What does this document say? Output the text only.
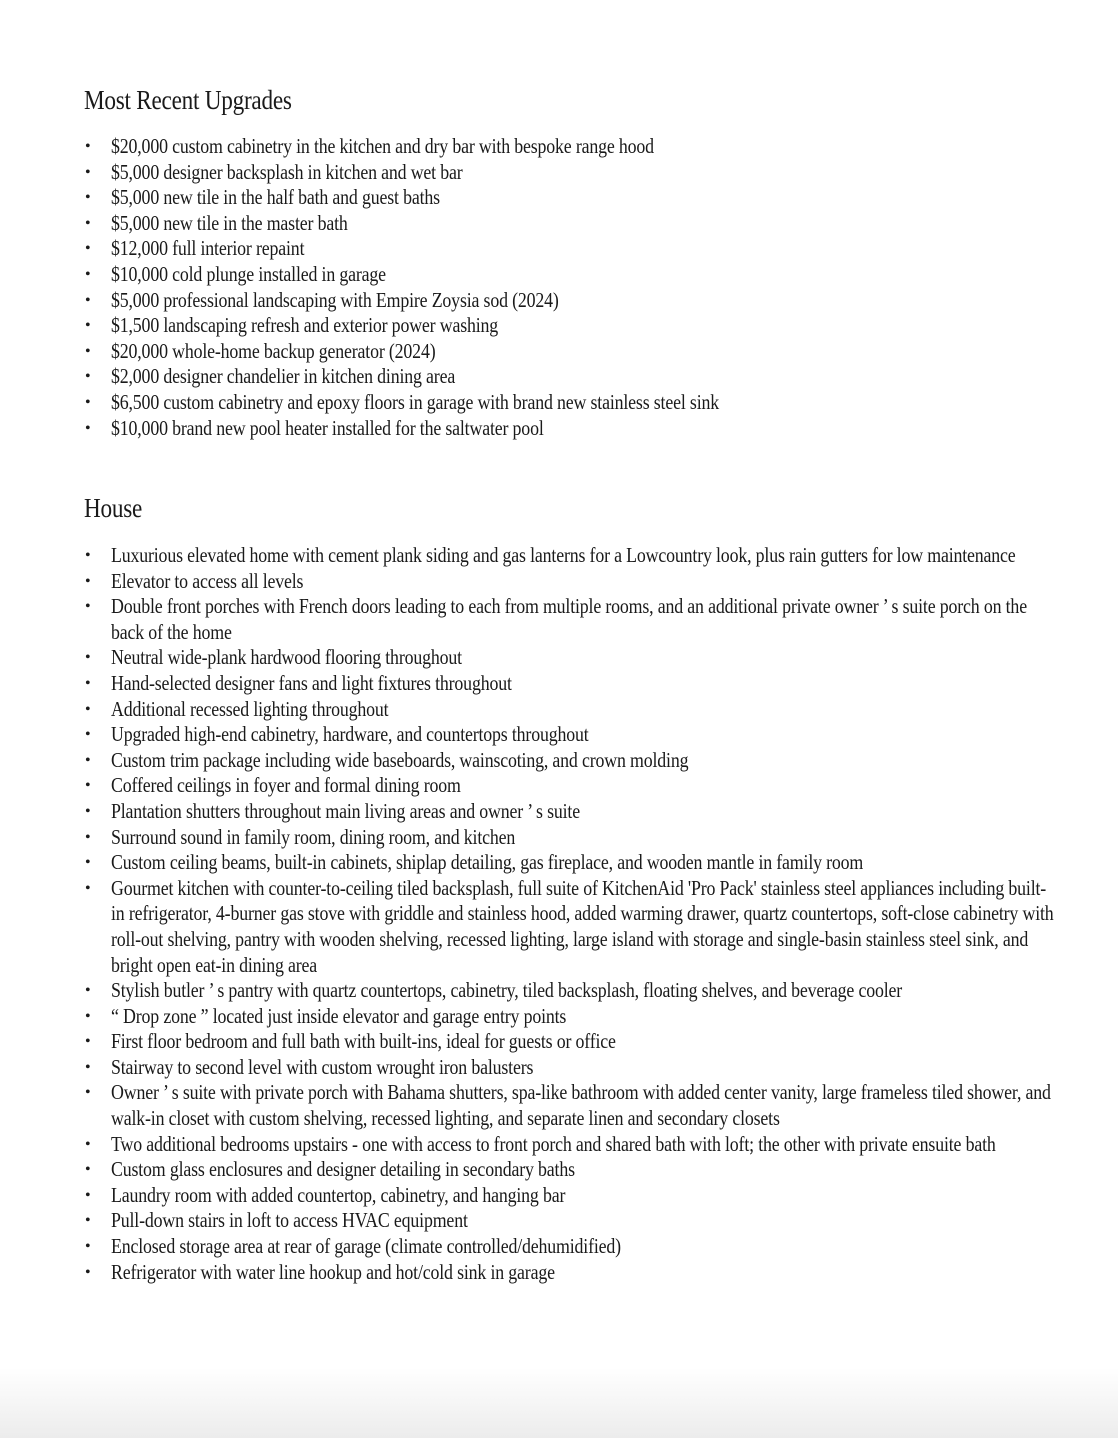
Most Recent Upgrades
• $20,000 custom cabinetry in the kitchen and dry bar with bespoke range hood
• $5,000 designer backsplash in kitchen and wet bar
• $5,000 new tile in the half bath and guest baths
• $5,000 new tile in the master bath
• $12,000 full interior repaint
• $10,000 cold plunge installed in garage
• $5,000 professional landscaping with Empire Zoysia sod (2024)
• $1,500 landscaping refresh and exterior power washing
• $20,000 whole-home backup generator (2024)
• $2,000 designer chandelier in kitchen dining area
• $6,500 custom cabinetry and epoxy floors in garage with brand new stainless steel sink
• $10,000 brand new pool heater installed for the saltwater pool
House
• Luxurious elevated home with cement plank siding and gas lanterns for a Lowcountry look, plus rain gutters for low maintenance
• Elevator to access all levels
• Double front porches with French doors leading to each from multiple rooms, and an additional private owner ’ s suite porch on the back of the home
• Neutral wide-plank hardwood flooring throughout
• Hand-selected designer fans and light fixtures throughout
• Additional recessed lighting throughout
• Upgraded high-end cabinetry, hardware, and countertops throughout
• Custom trim package including wide baseboards, wainscoting, and crown molding
• Coffered ceilings in foyer and formal dining room
• Plantation shutters throughout main living areas and owner ’ s suite
• Surround sound in family room, dining room, and kitchen
• Custom ceiling beams, built-in cabinets, shiplap detailing, gas fireplace, and wooden mantle in family room
• Gourmet kitchen with counter-to-ceiling tiled backsplash, full suite of KitchenAid 'Pro Pack' stainless steel appliances including built-in refrigerator, 4-burner gas stove with griddle and stainless hood, added warming drawer, quartz countertops, soft-close cabinetry with roll-out shelving, pantry with wooden shelving, recessed lighting, large island with storage and single-basin stainless steel sink, and bright open eat-in dining area
• Stylish butler ’ s pantry with quartz countertops, cabinetry, tiled backsplash, floating shelves, and beverage cooler
• “ Drop zone ” located just inside elevator and garage entry points
• First floor bedroom and full bath with built-ins, ideal for guests or office
• Stairway to second level with custom wrought iron balusters
• Owner ’ s suite with private porch with Bahama shutters, spa-like bathroom with added center vanity, large frameless tiled shower, and walk-in closet with custom shelving, recessed lighting, and separate linen and secondary closets
• Two additional bedrooms upstairs - one with access to front porch and shared bath with loft; the other with private ensuite bath
• Custom glass enclosures and designer detailing in secondary baths
• Laundry room with added countertop, cabinetry, and hanging bar
• Pull-down stairs in loft to access HVAC equipment
• Enclosed storage area at rear of garage (climate controlled/dehumidified)
• Refrigerator with water line hookup and hot/cold sink in garage
